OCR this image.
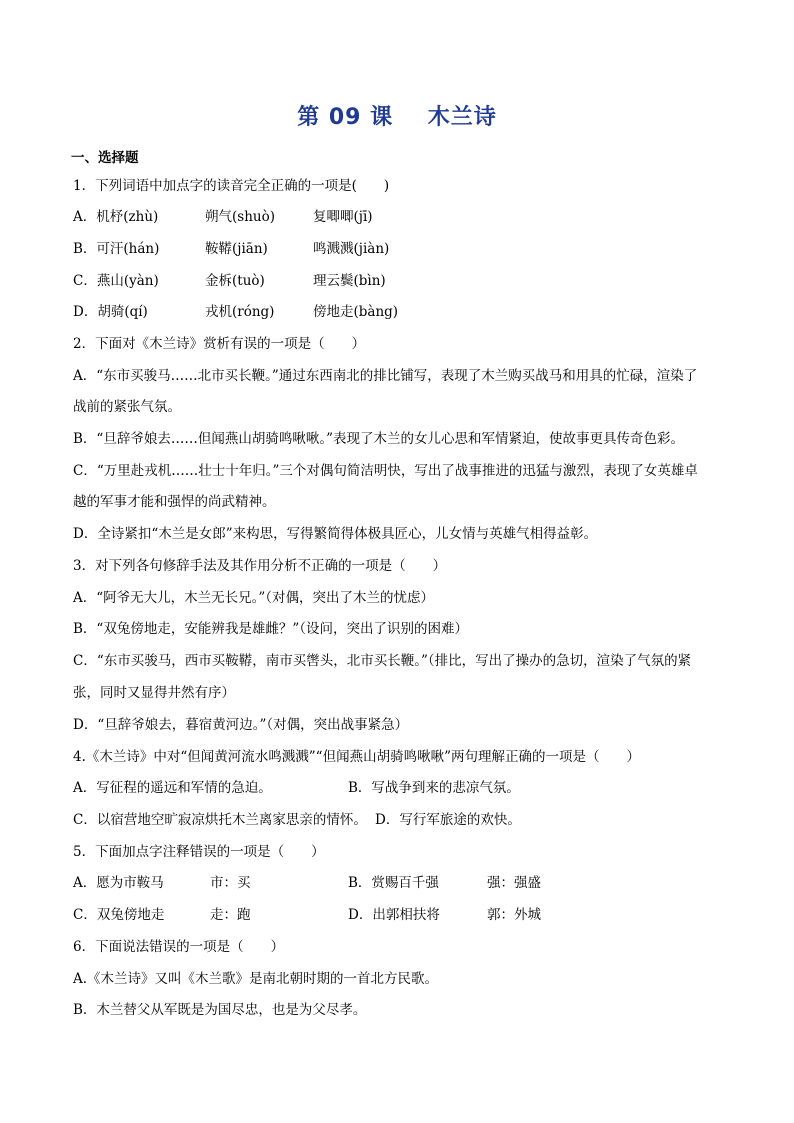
第 09 课    木兰诗
一、选择题
1．下列词语中加点字的读音完全正确的一项是(　　)
A．机杼(zhù)	朔气(shuò)	复唧唧(jī)
B．可汗(hán)	鞍鞯(jiān)	鸣溅溅(jiàn)
C．燕山(yàn)	金柝(tuò)	理云鬓(bìn)
D．胡骑(qí)	戎机(róng)	傍地走(bàng)
2．下面对《木兰诗》赏析有误的一项是（　　）
A．“东市买骏马……北市买长鞭。”通过东西南北的排比铺写，表现了木兰购买战马和用具的忙碌，渲染了
战前的紧张气氛。
B．“旦辞爷娘去……但闻燕山胡骑鸣啾啾。”表现了木兰的女儿心思和军情紧迫，使故事更具传奇色彩。
C．“万里赴戎机……壮士十年归。”三个对偶句简洁明快，写出了战事推进的迅猛与激烈，表现了女英雄卓
越的军事才能和强悍的尚武精神。
D．全诗紧扣“木兰是女郎”来构思，写得繁简得体极具匠心，儿女情与英雄气相得益彰。
3．对下列各句修辞手法及其作用分析不正确的一项是（　　）
A．“阿爷无大儿，木兰无长兄。”（对偶，突出了木兰的忧虑）
B．“双兔傍地走，安能辨我是雄雌？”（设问，突出了识别的困难）
C．“东市买骏马，西市买鞍鞯，南市买辔头，北市买长鞭。”（排比，写出了操办的急切，渲染了气氛的紧
张，同时又显得井然有序）
D．“旦辞爷娘去，暮宿黄河边。”（对偶，突出战事紧急）
4.《木兰诗》中对“但闻黄河流水鸣溅溅”“但闻燕山胡骑鸣啾啾”两句理解正确的一项是（　　）
A．写征程的遥远和军情的急迫。	B．写战争到来的悲凉气氛。
C．以宿营地空旷寂凉烘托木兰离家思亲的情怀。 D．写行军旅途的欢快。
5．下面加点字注释错误的一项是（　　）
A．愿为市鞍马	市：买	B．赏赐百千强	强：强盛
C．双兔傍地走	走：跑	D．出郭相扶将	郭：外城
6．下面说法错误的一项是（　　）
A.《木兰诗》又叫《木兰歌》是南北朝时期的一首北方民歌。
B．木兰替父从军既是为国尽忠，也是为父尽孝。
